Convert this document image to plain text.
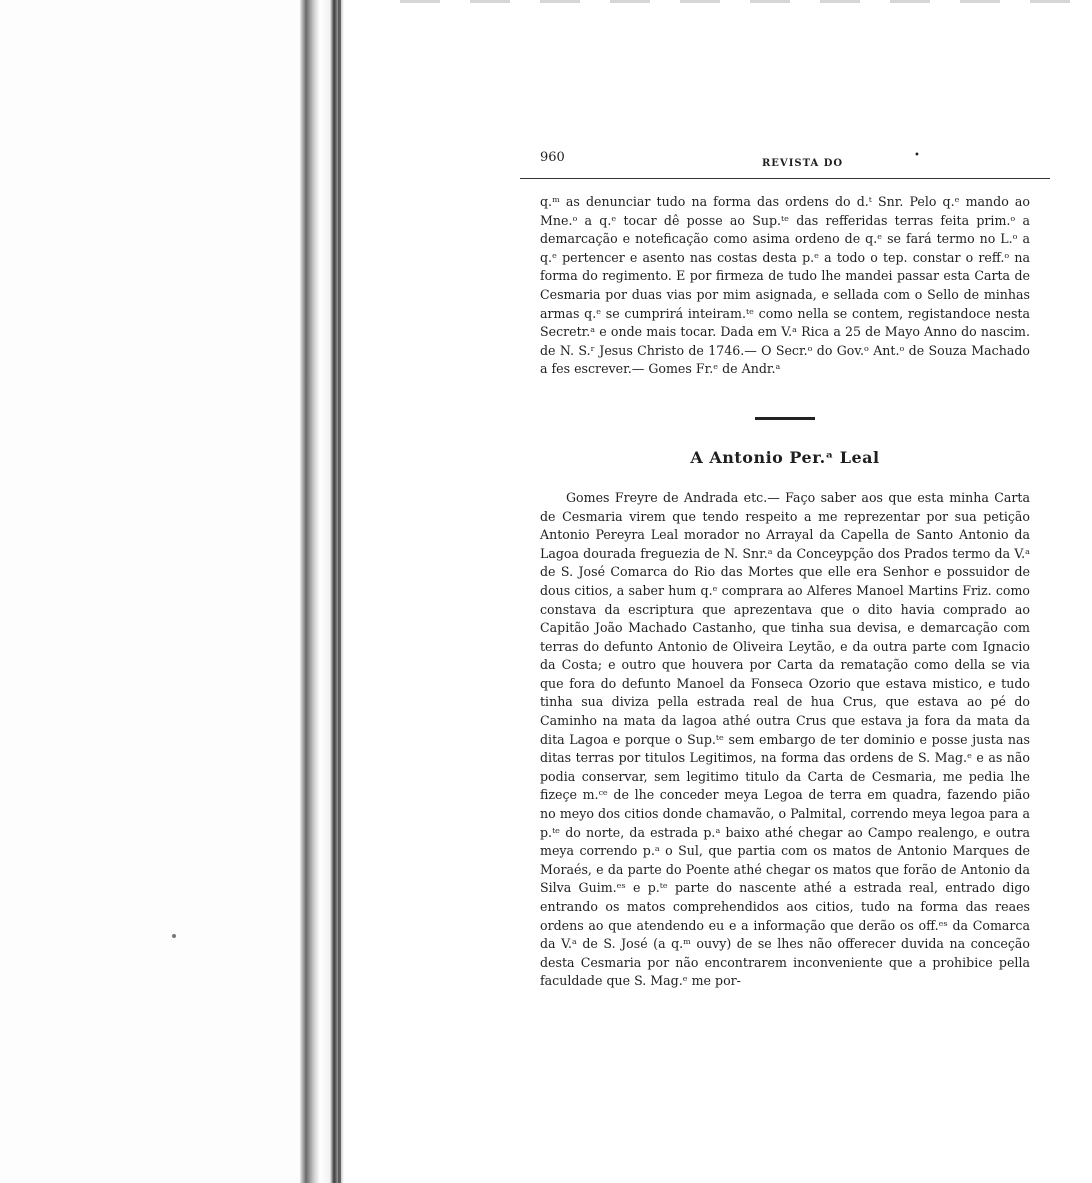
960	REVISTA DO
•

q.ᵐ as denunciar tudo na forma das ordens do d.ᵗ Snr. Pelo q.ᵉ mando ao Mne.ᵒ a q.ᵉ tocar dê posse ao Sup.ᵗᵉ das refferidas terras feita prim.ᵒ a demarcação e noteficação como asima ordeno de q.ᵉ se fará termo no L.ᵒ a q.ᵉ pertencer e asento nas costas desta p.ᵉ a todo o tep. constar o reff.ᵒ na forma do regimento. E por firmeza de tudo lhe mandei passar esta Carta de Cesmaria por duas vias por mim asignada, e sellada com o Sello de minhas armas q.ᵉ se cumprirá inteiram.ᵗᵉ como nella se contem, registandoce nesta Secretr.ᵃ e onde mais tocar. Dada em V.ᵃ Rica a 25 de Mayo Anno do nascim. de N. S.ʳ Jesus Christo de 1746.— O Secr.ᵒ do Gov.ᵒ Ant.ᵒ de Souza Machado a fes escrever.— Gomes Fr.ᵉ de Andr.ᵃ

A Antonio Per.ᵃ Leal

Gomes Freyre de Andrada etc.— Faço saber aos que esta minha Carta de Cesmaria virem que tendo respeito a me reprezentar por sua petição Antonio Pereyra Leal morador no Arrayal da Capella de Santo Antonio da Lagoa dourada freguezia de N. Snr.ᵃ da Conceypção dos Prados termo da V.ᵃ de S. José Comarca do Rio das Mortes que elle era Senhor e possuidor de dous citios, a saber hum q.ᵉ comprara ao Alferes Manoel Martins Friz. como constava da escriptura que aprezentava que o dito havia comprado ao Capitão João Machado Castanho, que tinha sua devisa, e demarcação com terras do defunto Antonio de Oliveira Leytão, e da outra parte com Ignacio da Costa; e outro que houvera por Carta da rematação como della se via que fora do defunto Manoel da Fonseca Ozorio que estava mistico, e tudo tinha sua diviza pella estrada real de hua Crus, que estava ao pé do Caminho na mata da lagoa athé outra Crus que estava ja fora da mata da dita Lagoa e porque o Sup.ᵗᵉ sem embargo de ter dominio e posse justa nas ditas terras por titulos Legitimos, na forma das ordens de S. Mag.ᵉ e as não podia conservar, sem legitimo titulo da Carta de Cesmaria, me pedia lhe fizeçe m.ᶜᵉ de lhe conceder meya Legoa de terra em quadra, fazendo pião no meyo dos citios donde chamavão, o Palmital, correndo meya legoa para a p.ᵗᵉ do norte, da estrada p.ᵃ baixo athé chegar ao Campo realengo, e outra meya correndo p.ᵃ o Sul, que partia com os matos de Antonio Marques de Moraés, e da parte do Poente athé chegar os matos que forão de Antonio da Silva Guim.ᵉˢ e p.ᵗᵉ parte do nascente athé a estrada real, entrado digo entrando os matos comprehendidos aos citios, tudo na forma das reaes ordens ao que atendendo eu e a informação que derão os off.ᵉˢ da Comarca da V.ᵃ de S. José (a q.ᵐ ouvy) de se lhes não offerecer duvida na conceção desta Cesmaria por não encontrarem inconveniente que a prohibice pella faculdade que S. Mag.ᵉ me por-
